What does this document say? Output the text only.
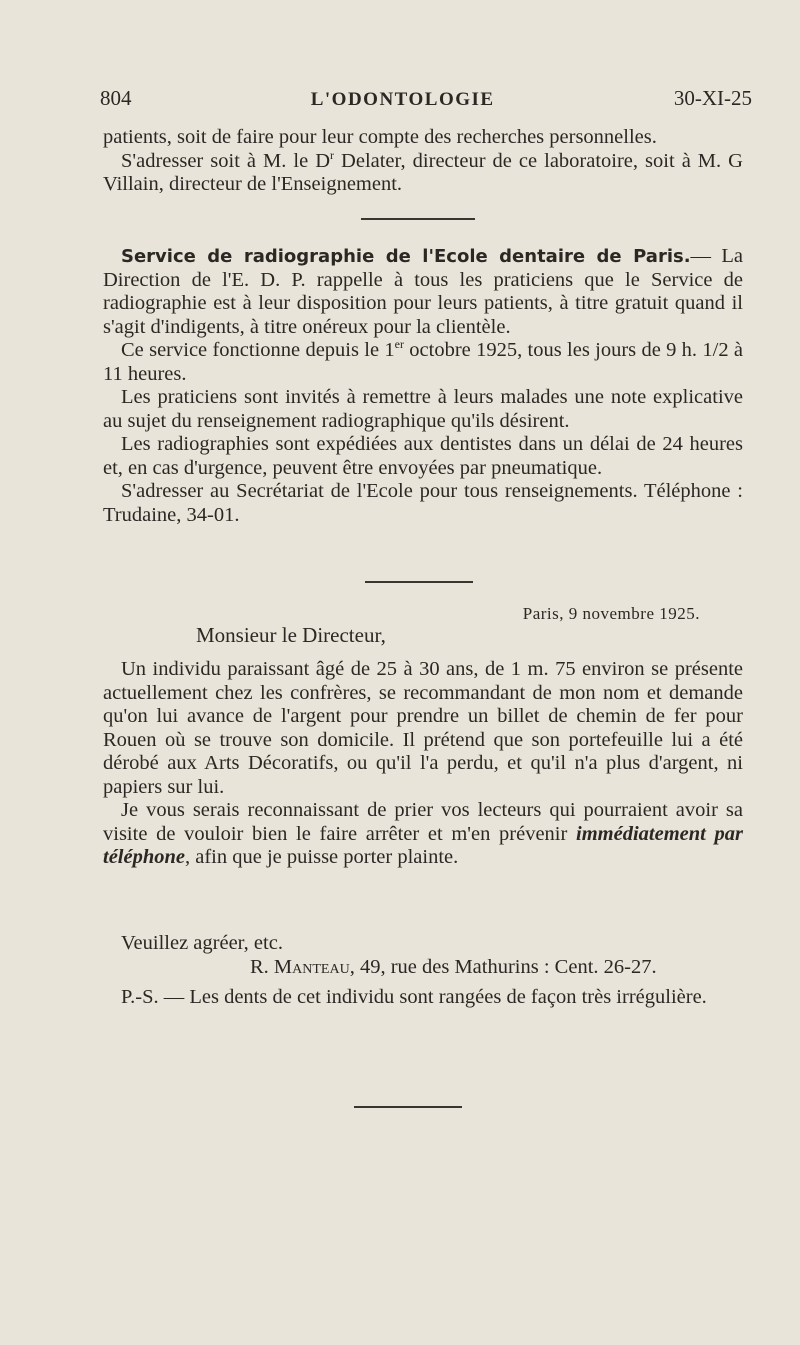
804	L'ODONTOLOGIE	30-XI-25

patients, soit de faire pour leur compte des recherches personnelles.

S'adresser soit à M. le $D^r$ Delater, directeur de ce laboratoire, soit à M. G Villain, directeur de l'Enseignement.

Service de radiographie de l'Ecole dentaire de Paris.— La Direction de l'E. D. P. rappelle à tous les praticiens que le Service de radiographie est à leur disposition pour leurs patients, à titre gratuit quand il s'agit d'indigents, à titre onéreux pour la clientèle.

Ce service fonctionne depuis le 1er octobre 1925, tous les jours de 9 h. 1/2 à 11 heures.

Les praticiens sont invités à remettre à leurs malades une note explicative au sujet du renseignement radiographique qu'ils désirent.

Les radiographies sont expédiées aux dentistes dans un délai de 24 heures et, en cas d'urgence, peuvent être envoyées par pneumatique.

S'adresser au Secrétariat de l'Ecole pour tous renseignements. Téléphone : Trudaine, 34-01.

Paris, 9 novembre 1925.
Monsieur le Directeur,

Un individu paraissant âgé de 25 à 30 ans, de 1 m. 75 environ se présente actuellement chez les confrères, se recommandant de mon nom et demande qu'on lui avance de l'argent pour prendre un billet de chemin de fer pour Rouen où se trouve son domicile. Il prétend que son portefeuille lui a été dérobé aux Arts Décoratifs, ou qu'il l'a perdu, et qu'il n'a plus d'argent, ni papiers sur lui.

Je vous serais reconnaissant de prier vos lecteurs qui pourraient avoir sa visite de vouloir bien le faire arrêter et m'en prévenir immédiatement par téléphone, afin que je puisse porter plainte.

Veuillez agréer, etc.

R. Manteau, 49, rue des Mathurins : Cent. 26-27.

P.-S. — Les dents de cet individu sont rangées de façon très irrégulière.
